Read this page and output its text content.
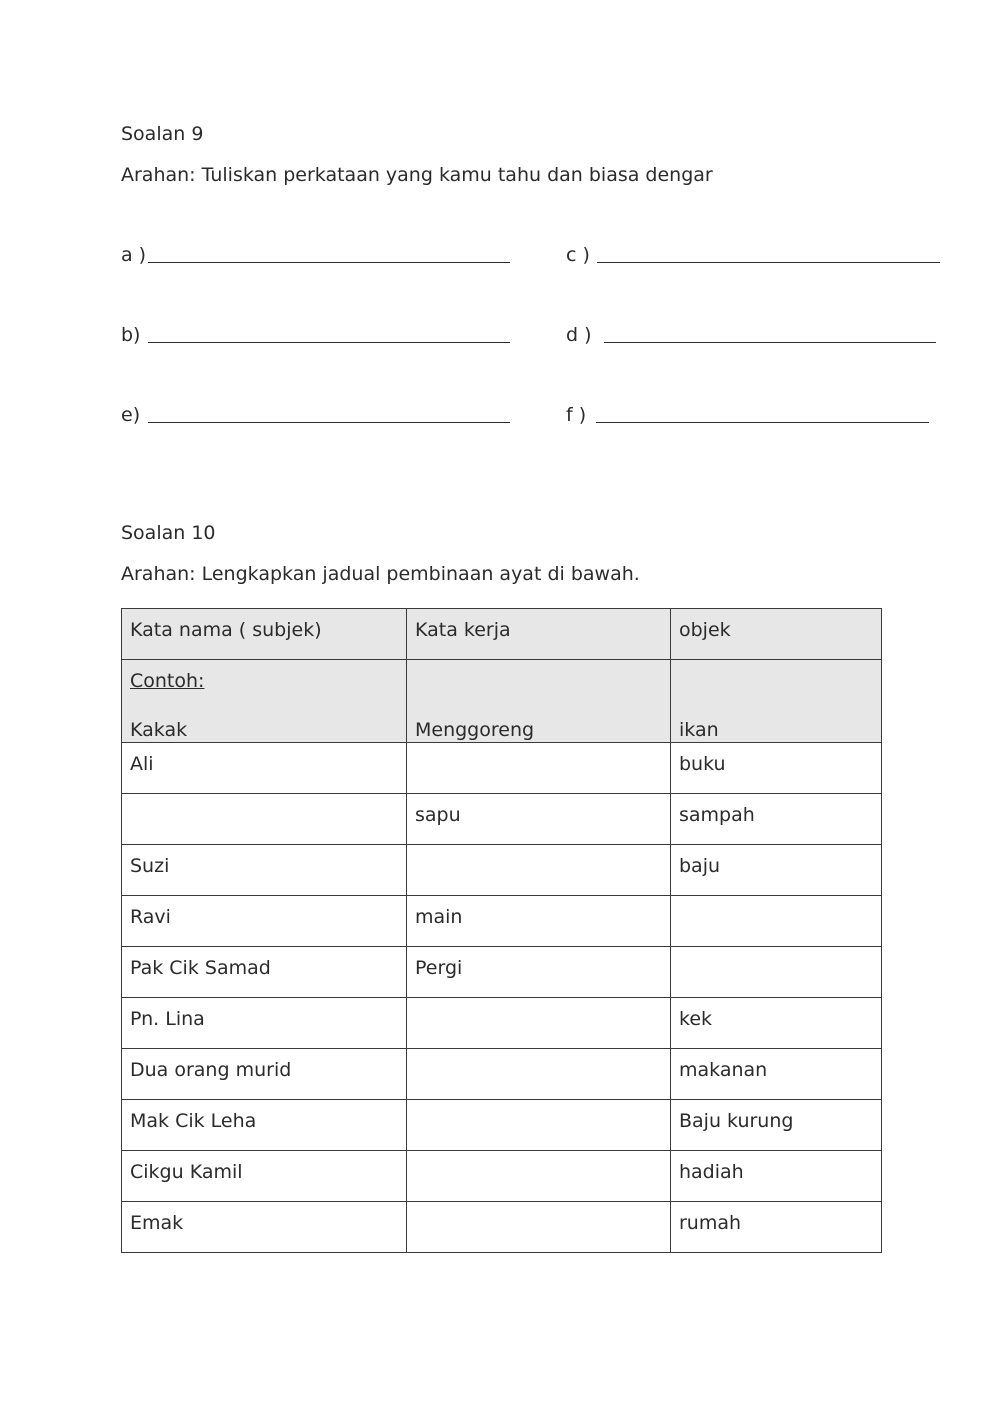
Soalan 9
Arahan: Tuliskan perkataan yang kamu tahu dan biasa dengar
a )	c )
b)	d )
e)	f )
Soalan 10
Arahan: Lengkapkan jadual pembinaan ayat di bawah.
Kata nama ( subjek)	Kata kerja	objek

Contoh:
Kakak	Menggoreng	ikan

Ali		buku
	sapu	sampah
Suzi		baju
Ravi	main	
Pak Cik Samad	Pergi	
Pn. Lina		kek
Dua orang murid		makanan
Mak Cik Leha		Baju kurung
Cikgu Kamil		hadiah
Emak		rumah
